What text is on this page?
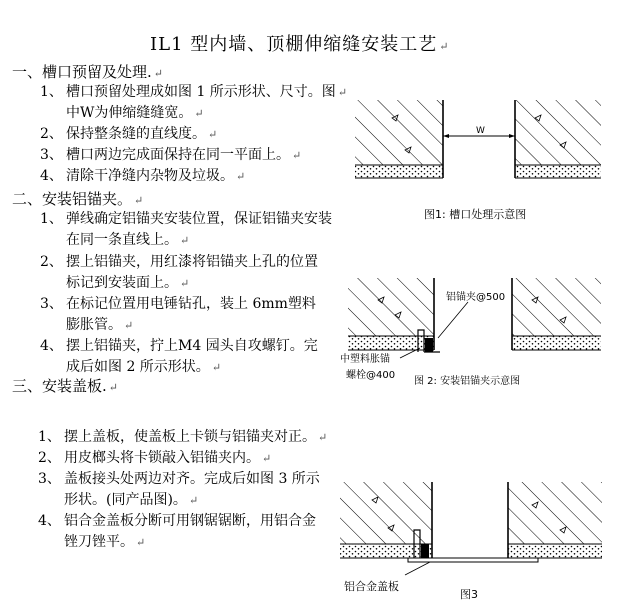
IL1 型内墙、顶棚伸缩缝安装工艺 ↵
一、槽口预留及处理. ↵
1、 槽口预留处理成如图 1 所示形状、尺寸。图 ↵
中W为伸缩缝缝宽。 ↵
2、 保持整条缝的直线度。 ↵
3、 槽口两边完成面保持在同一平面上。 ↵
4、 清除干净缝内杂物及垃圾。 ↵
二、安装铝锚夹。 ↵
1、 弹线确定铝锚夹安装位置，保证铝锚夹安装
在同一条直线上。 ↵
2、 摆上铝锚夹，用红漆将铝锚夹上孔的位置
标记到安装面上。 ↵
3、 在标记位置用电锤钻孔，装上 6mm塑料
膨胀管。 ↵
4、 摆上铝锚夹，拧上M4 园头自攻螺钉。完
成后如图 2 所示形状。 ↵
三、安装盖板. ↵
1、 摆上盖板，使盖板上卡锁与铝锚夹对正。 ↵
2、 用皮榔头将卡锁敲入铝锚夹内。 ↵
3、 盖板接头处两边对齐。完成后如图 3 所示
形状。(同产品图)。 ↵
4、 铝合金盖板分断可用钢锯锯断，用铝合金
锉刀锉平。 ↵
W
图1: 槽口处理示意图
铝锚夹@500
中塑料胀锚
螺栓@400
图 2: 安装铝锚夹示意图
铝合金盖板
图3
